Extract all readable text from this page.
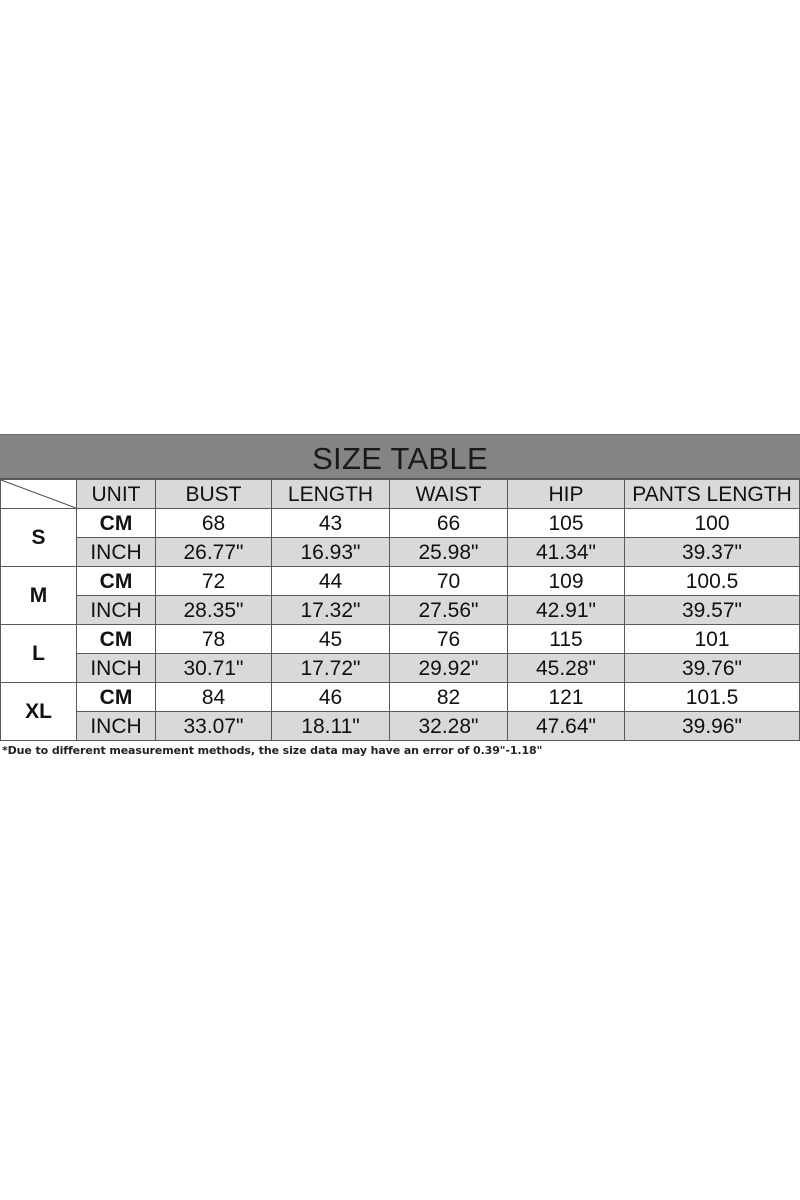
SIZE TABLE
	UNIT	BUST	LENGTH	WAIST	HIP	PANTS LENGTH
S	CM	68	43	66	105	100
	INCH	26.77"	16.93"	25.98"	41.34"	39.37"
M	CM	72	44	70	109	100.5
	INCH	28.35"	17.32"	27.56"	42.91"	39.57"
L	CM	78	45	76	115	101
	INCH	30.71"	17.72"	29.92"	45.28"	39.76"
XL	CM	84	46	82	121	101.5
	INCH	33.07"	18.11"	32.28"	47.64"	39.96"
*Due to different measurement methods, the size data may have an error of 0.39"-1.18"
